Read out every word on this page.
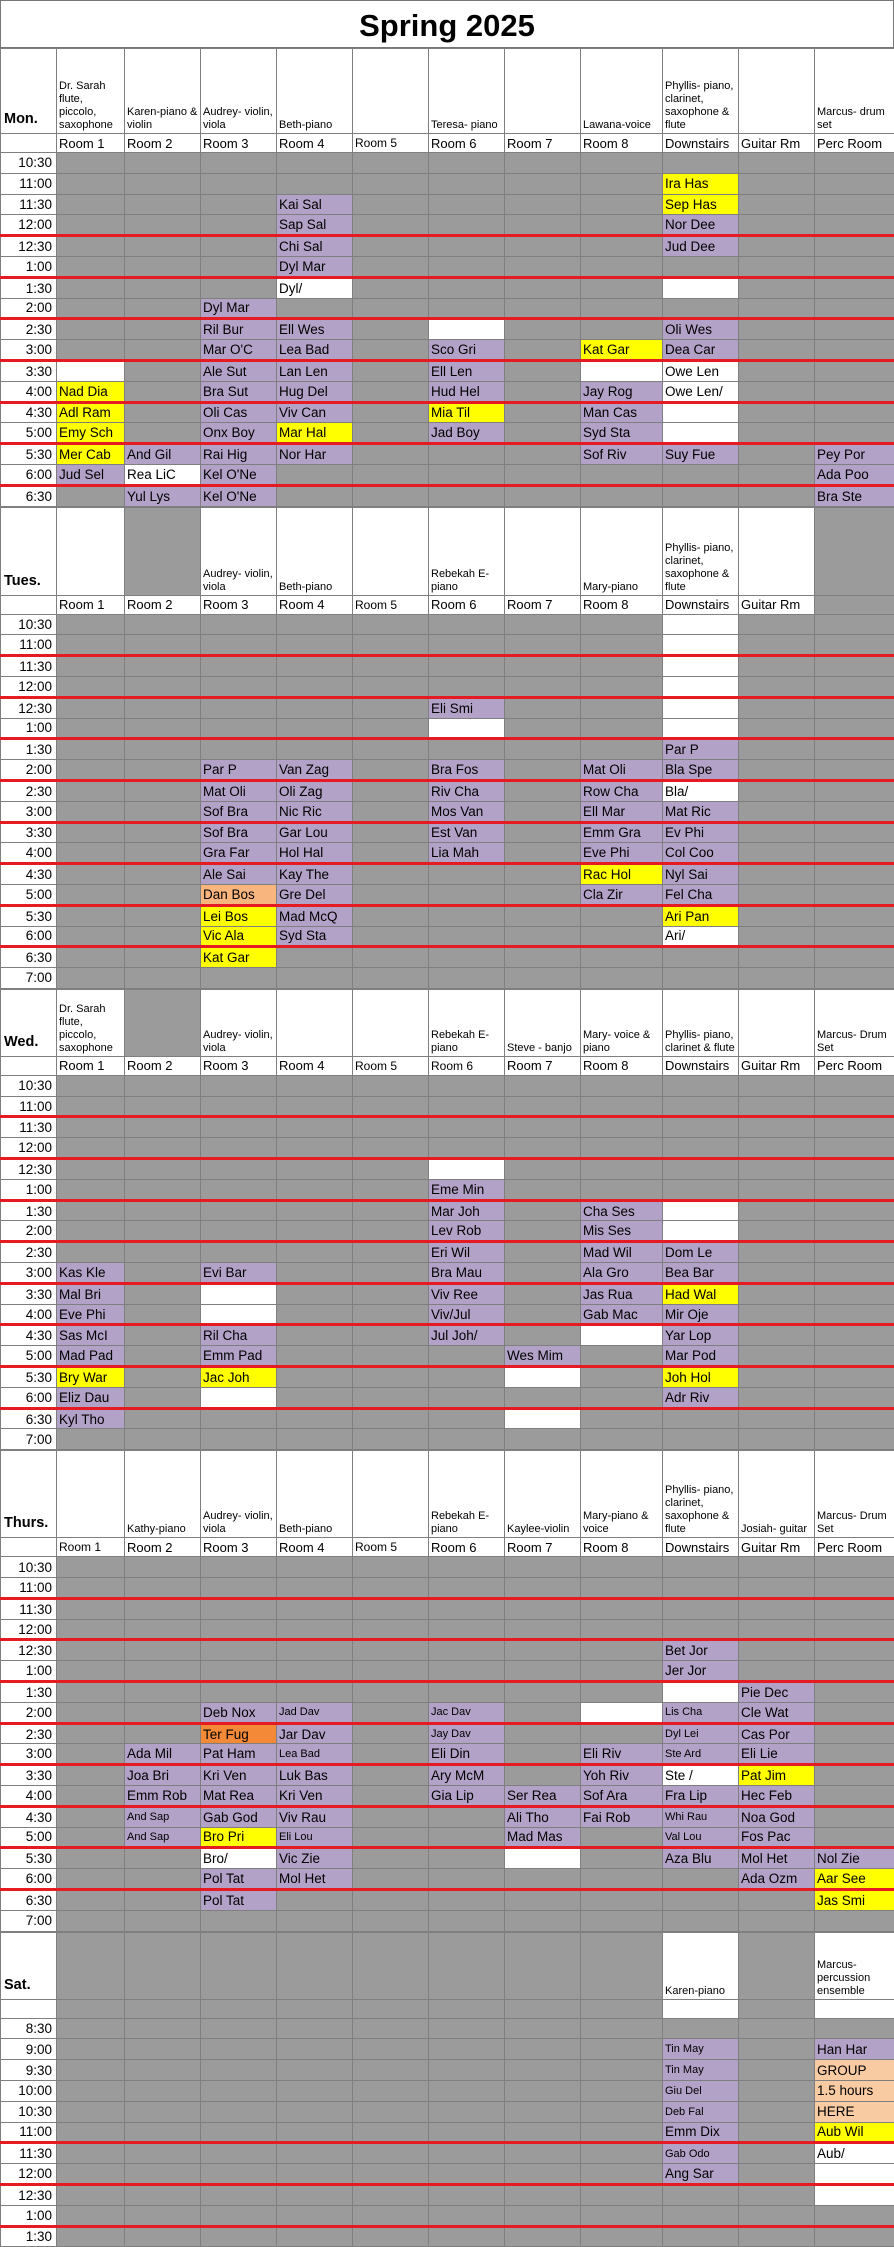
Spring 2025
Mon.	Dr. Sarah flute, piccolo, saxophone	Karen-piano & violin	Audrey- violin, viola	Beth-piano		Teresa- piano		Lawana-voice	Phyllis- piano, clarinet, saxophone & flute		Marcus- drum set
	Room 1	Room 2	Room 3	Room 4	Room 5	Room 6	Room 7	Room 8	Downstairs	Guitar Rm	Perc Room
10:30											
11:00									Ira Has		
11:30				Kai Sal					Sep Has		
12:00				Sap Sal					Nor Dee		
12:30				Chi Sal					Jud Dee		
1:00				Dyl Mar							
1:30				Dyl/							
2:00			Dyl Mar								
2:30			Ril Bur	Ell Wes					Oli Wes		
3:00			Mar O'C	Lea Bad		Sco Gri		Kat Gar	Dea Car		
3:30			Ale Sut	Lan Len		Ell Len			Owe Len		
4:00	Nad Dia		Bra Sut	Hug Del		Hud Hel		Jay Rog	Owe Len/		
4:30	Adl Ram		Oli Cas	Viv Can		Mia Til		Man Cas			
5:00	Emy Sch		Onx Boy	Mar Hal		Jad Boy		Syd Sta			
5:30	Mer Cab	And Gil	Rai Hig	Nor Har				Sof Riv	Suy Fue		Pey Por
6:00	Jud Sel	Rea LiC	Kel O'Ne								Ada Poo
6:30		Yul Lys	Kel O'Ne								Bra Ste
Tues.			Audrey- violin, viola	Beth-piano		Rebekah E- piano		Mary-piano	Phyllis- piano, clarinet, saxophone & flute		
	Room 1	Room 2	Room 3	Room 4	Room 5	Room 6	Room 7	Room 8	Downstairs	Guitar Rm	
10:30											
11:00											
11:30											
12:00											
12:30						Eli Smi					
1:00											
1:30									Par P		
2:00			Par P	Van Zag		Bra Fos		Mat Oli	Bla Spe		
2:30			Mat Oli	Oli Zag		Riv Cha		Row Cha	Bla/		
3:00			Sof Bra	Nic Ric		Mos Van		Ell Mar	Mat Ric		
3:30			Sof Bra	Gar Lou		Est Van		Emm Gra	Ev Phi		
4:00			Gra Far	Hol Hal		Lia Mah		Eve Phi	Col Coo		
4:30			Ale Sai	Kay The				Rac Hol	Nyl Sai		
5:00			Dan Bos	Gre Del				Cla Zir	Fel Cha		
5:30			Lei Bos	Mad McQ					Ari Pan		
6:00			Vic Ala	Syd Sta					Ari/		
6:30			Kat Gar								
7:00											
Wed.	Dr. Sarah flute, piccolo, saxophone		Audrey- violin, viola			Rebekah E- piano	Steve - banjo	Mary- voice & piano	Phyllis- piano, clarinet & flute		Marcus- Drum Set
	Room 1	Room 2	Room 3	Room 4	Room 5	Room 6	Room 7	Room 8	Downstairs	Guitar Rm	Perc Room
10:30											
11:00											
11:30											
12:00											
12:30											
1:00						Eme Min					
1:30						Mar Joh		Cha Ses			
2:00						Lev Rob		Mis Ses			
2:30						Eri Wil		Mad Wil	Dom Le		
3:00	Kas Kle		Evi Bar			Bra Mau		Ala Gro	Bea Bar		
3:30	Mal Bri					Viv Ree		Jas Rua	Had Wal		
4:00	Eve Phi					Viv/Jul		Gab Mac	Mir Oje		
4:30	Sas McI		Ril Cha			Jul Joh/			Yar Lop		
5:00	Mad Pad		Emm Pad				Wes Mim		Mar Pod		
5:30	Bry War		Jac Joh						Joh Hol		
6:00	Eliz Dau								Adr Riv		
6:30	Kyl Tho										
7:00											
Thurs.		Kathy-piano	Audrey- violin, viola	Beth-piano		Rebekah E- piano	Kaylee-violin	Mary-piano & voice	Phyllis- piano, clarinet, saxophone & flute	Josiah- guitar	Marcus- Drum Set
	Room 1	Room 2	Room 3	Room 4	Room 5	Room 6	Room 7	Room 8	Downstairs	Guitar Rm	Perc Room
10:30											
11:00											
11:30											
12:00											
12:30									Bet Jor		
1:00									Jer Jor		
1:30										Pie Dec	
2:00			Deb Nox	Jad Dav		Jac Dav			Lis Cha	Cle Wat	
2:30			Ter Fug	Jar Dav		Jay Dav			Dyl Lei	Cas Por	
3:00		Ada Mil	Pat Ham	Lea Bad		Eli Din		Eli Riv	Ste Ard	Eli Lie	
3:30		Joa Bri	Kri Ven	Luk Bas		Ary McM		Yoh Riv	Ste /	Pat Jim	
4:00		Emm Rob	Mat Rea	Kri Ven		Gia Lip	Ser Rea	Sof Ara	Fra Lip	Hec Feb	
4:30		And Sap	Gab God	Viv Rau			Ali Tho	Fai Rob	Whi Rau	Noa God	
5:00		And Sap	Bro Pri	Eli Lou			Mad Mas		Val Lou	Fos Pac	
5:30			Bro/	Vic Zie					Aza Blu	Mol Het	Nol Zie
6:00			Pol Tat	Mol Het						Ada Ozm	Aar See
6:30			Pol Tat								Jas Smi
7:00											
Sat.									Karen-piano		Marcus- percussion ensemble

8:30											
9:00									Tin May		Han Har
9:30									Tin May		GROUP
10:00									Giu Del		1.5 hours
10:30									Deb Fal		HERE
11:00									Emm Dix		Aub Wil
11:30									Gab Odo		Aub/
12:00									Ang Sar		
12:30											
1:00											
1:30											
